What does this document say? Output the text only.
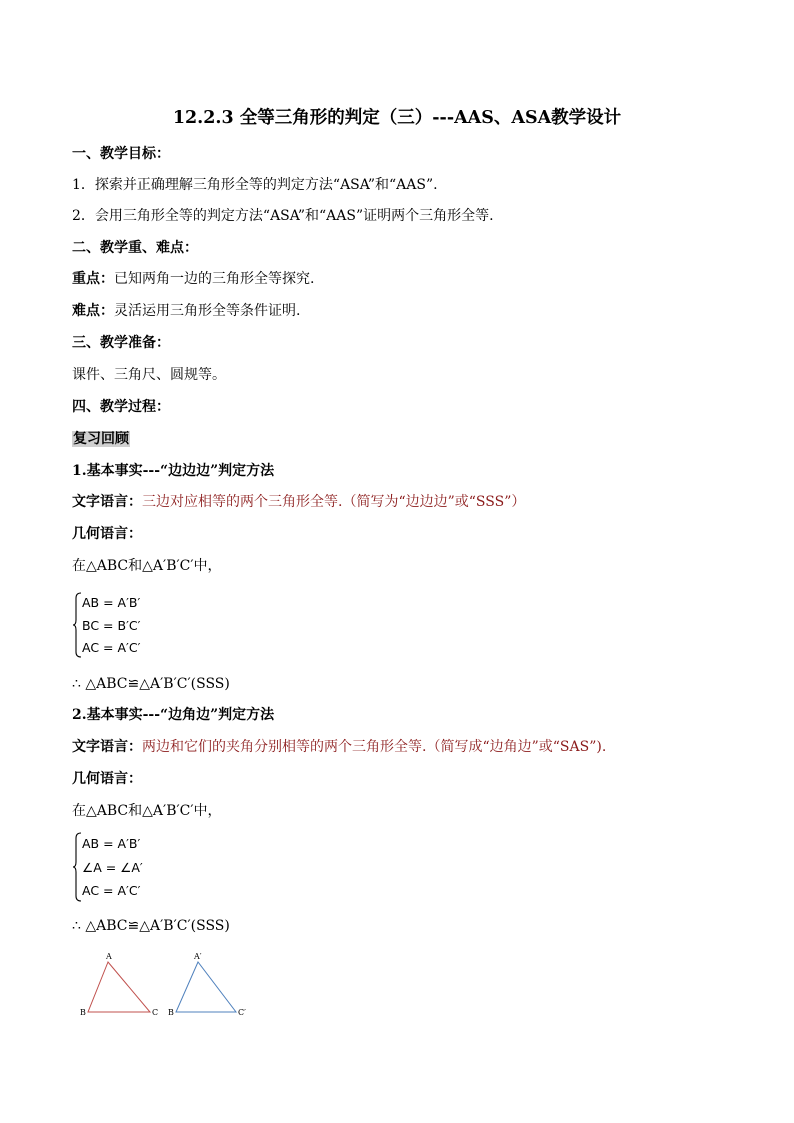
12.2.3 全等三角形的判定（三）---AAS、ASA教学设计
一、教学目标：
1．探索并正确理解三角形全等的判定方法“ASA”和“AAS”.
2．会用三角形全等的判定方法“ASA”和“AAS”证明两个三角形全等.
二、教学重、难点：
重点：已知两角一边的三角形全等探究.
难点：灵活运用三角形全等条件证明.
三、教学准备：
课件、三角尺、圆规等。
四、教学过程：
复习回顾
1.基本事实---“边边边”判定方法
文字语言：三边对应相等的两个三角形全等.（简写为“边边边”或“SSS”）
几何语言：
在△ABC和△A′B′C′中，
AB = A′B′
BC = B′C′
AC = A′C′
∴ △ABC≌△A′B′C′(SSS)
2.基本事实---“边角边”判定方法
文字语言：两边和它们的夹角分别相等的两个三角形全等.（简写成“边角边”或“SAS”).
几何语言：
在△ABC和△A′B′C′中，
AB = A′B′
∠A = ∠A′
AC = A′C′
∴ △ABC≌△A′B′C′(SSS)
A
B	C
A′
B	C′
